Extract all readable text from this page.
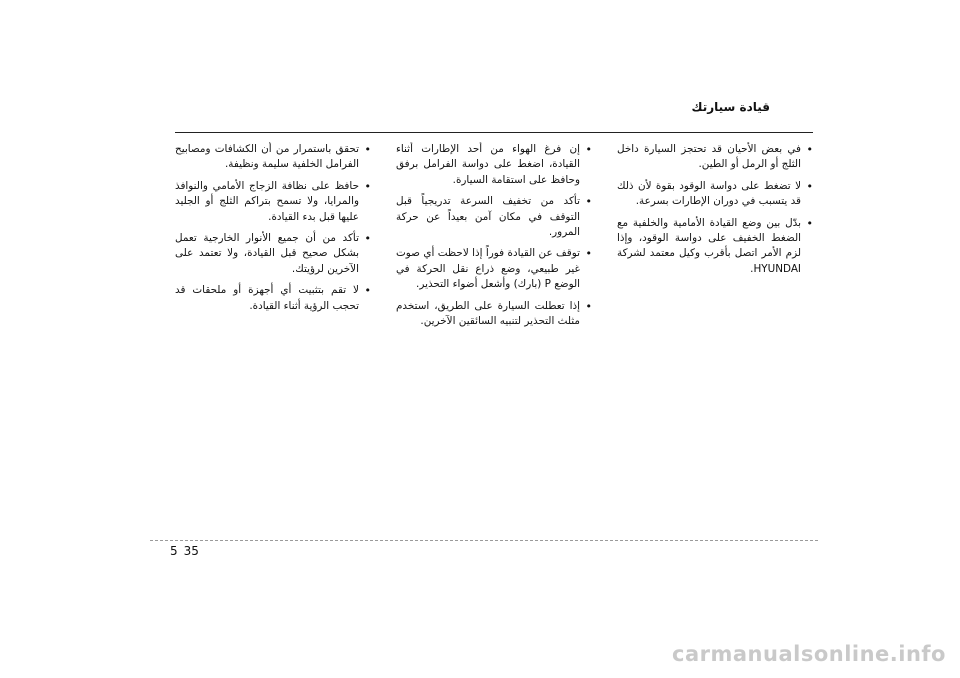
قيادة سيارتك
•
تحقق باستمرار من أن الكشافات ومصابيح الفرامل الخلفية سليمة ونظيفة.
•
حافظ على نظافة الزجاج الأمامي والنوافذ والمرايا، ولا تسمح بتراكم الثلج أو الجليد عليها قبل بدء القيادة.
•
تأكد من أن جميع الأنوار الخارجية تعمل بشكل صحيح قبل القيادة، ولا تعتمد على الآخرين لرؤيتك.
•
لا تقم بتثبيت أي أجهزة أو ملحقات قد تحجب الرؤية أثناء القيادة.
•
إن فرغ الهواء من أحد الإطارات أثناء القيادة، اضغط على دواسة الفرامل برفق وحافظ على استقامة السيارة.
•
تأكد من تخفيف السرعة تدريجياً قبل التوقف في مكان آمن بعيداً عن حركة المرور.
•
توقف عن القيادة فوراً إذا لاحظت أي صوت غير طبيعي، وضع ذراع نقل الحركة في الوضع P (بارك) وأشعل أضواء التحذير.
•
إذا تعطلت السيارة على الطريق، استخدم مثلث التحذير لتنبيه السائقين الآخرين.
•
في بعض الأحيان قد تحتجز السيارة داخل الثلج أو الرمل أو الطين.
•
لا تضغط على دواسة الوقود بقوة لأن ذلك قد يتسبب في دوران الإطارات بسرعة.
•
بدّل بين وضع القيادة الأمامية والخلفية مع الضغط الخفيف على دواسة الوقود، وإذا لزم الأمر اتصل بأقرب وكيل معتمد لشركة HYUNDAI.
5 35
carmanualsonline.info
